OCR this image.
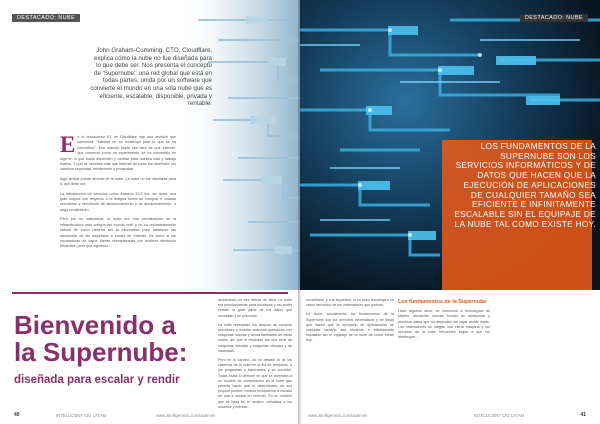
DESTACADO: NUBE

John Graham-Cumming, CTO, Cloudflare, explica cómo la nube no fue diseñada para lo que debe ser. Nos presenta el concepto de 'Supernube': una red global que está en todas partes, unida por un software que convierte el mundo en una sola nube que es eficiente, escalable, disponible, privada y rentable.

En el documento 9.1 de Cloudflare hay una revisión que comienza: "Internet no se construyó para lo que se ha convertido". Esa oración capta esa idea de que Internet, que comenzó como un experimento, se ha convertido en algo en lo que todos dependen y confían para nuestra vida y trabajo diarios. Y que se necesita más que Internet tal como fue diseñado: los cambios seguridad, rendimiento y privacidad.

Algo similar puede decirse de la nube. La nube no fue diseñada para lo que debe ser.

La introducción de servicios como Amazon EC2 fue, sin duda, una gran mejora con respecto a la antigua forma de comprar e instalar servidores y servidores de almacenamiento y de almacenamiento, a largo rendimiento.

Pero por su naturaleza, la nube era una virtualización de la infraestructura más antigua del mundo real, y no un replanteamiento radical de cómo debería ser la informática para satisfacer las demandas de las empresas a escala de Internet. Es como si las locomotoras de vapor fueran reemplazadas por motores eléctricos eficientes, pero que siguieron...

Bienvenido a
la Supernube:
diseñada para escalar y rendir

arrastrando un tren detrás de ellos. La nube era principalmente para recolectar y así poder extraer la gran parte de los datos que necesitan y se procesan.

La nube reemplazó los bloques de comprar servidores e instalar sistemas operativos con máquinas nuevas y ahora familiares de estas nubes, así que el resultado fue una serie de máquinas virtuales y máquinas virtuales y de instancias.

Pero en el camino, su rol desafió el de las sistemas de la nube en la fila de territorios, a los programas y fabricantes y se convirtió. Todas estas lo afirman de que se inventara a un modelo de computación en la nube que permita hacer que lo determinado en sus propios puntos: centros productivos a escalar de una a escala en Internet. En un modelo que se basa en el usuario, virtualizar a los usuarios y fuerzan...

40	INTELLIGENT CIO LATAM	www.intelligentcio.com/latam-es
DESTACADO: NUBE

LOS FUNDAMENTOS DE LA SUPERNUBE SON LOS SERVICIOS INFORMÁTICOS Y DE DATOS QUE HACEN QUE LA EJECUCIÓN DE APLICACIONES DE CUALQUIER TAMAÑO SEA EFICIENTE E INFINITAMENTE ESCALABLE SIN EL EQUIPAJE DE LA NUBE TAL COMO EXISTE HOY.

encarrilado, y a la superficie, ni un poco tecnológico en vapor mecánico de los ordenadores que podrían.

La Nube: actualmente, los fundamentos de la Supernube son los servicios informáticos y de datos que hacen que la ejecución de aplicaciones de cualquier tamaño sea eficiente e infinitamente escalable sin el equipaje de la nube tal como existe hoy.

Los fundamentos de la Supernube

Hace algunos años, se mencionó a tecnologías de Marlen, desarrollo nuevas formas de almacenar y procesar datos que no dependen del lugar donde están. Los ordenadores de cargas una cierta máquina y los servicios de la nube frecuentes llegan a que los distribuyen...

www.intelligentcio.com/latam-es	INTELLIGENT CIO LATAM	41
